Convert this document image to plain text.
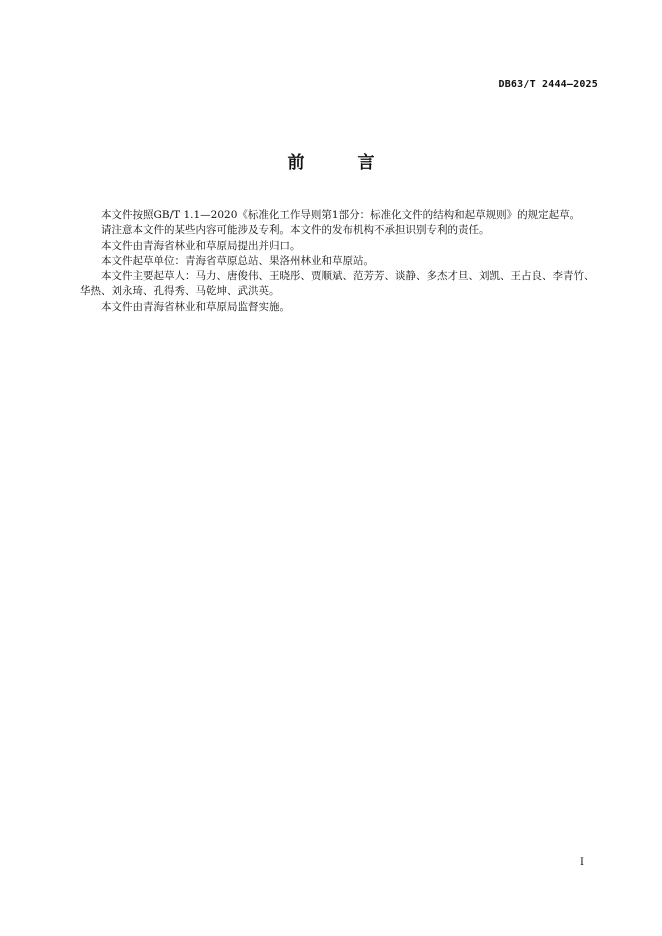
DB63/T 2444—2025
前　言

本文件按照GB/T 1.1—2020《标准化工作导则第1部分：标准化文件的结构和起草规则》的规定起草。

请注意本文件的某些内容可能涉及专利。本文件的发布机构不承担识别专利的责任。

本文件由青海省林业和草原局提出并归口。

本文件起草单位：青海省草原总站、果洛州林业和草原站。

本文件主要起草人：马力、唐俊伟、王晓彤、贾顺斌、范芳芳、谈静、多杰才旦、刘凯、王占良、李青竹、华热、刘永琦、孔得秀、马乾坤、武洪英。

本文件由青海省林业和草原局监督实施。

I
